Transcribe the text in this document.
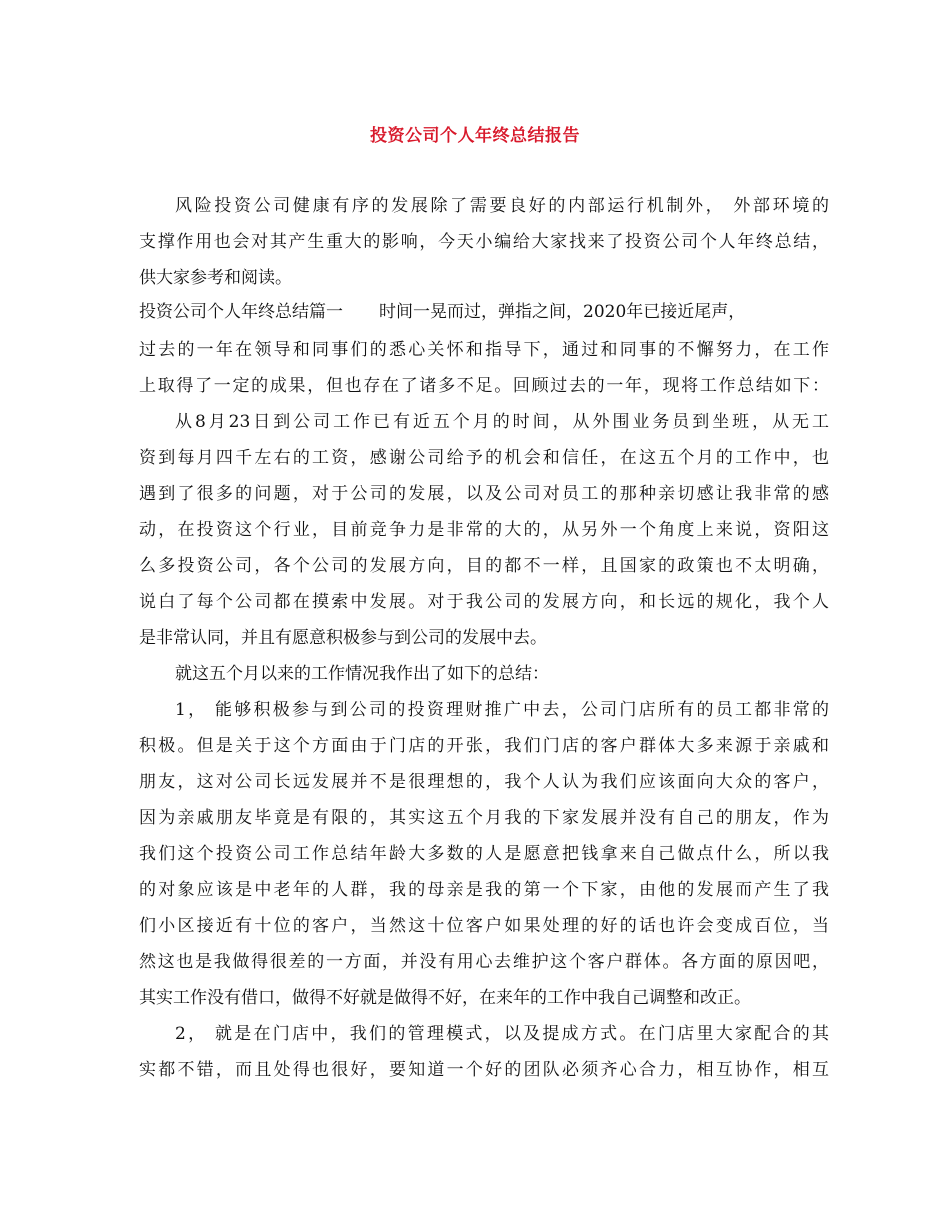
投资公司个人年终总结报告
风险投资公司健康有序的发展除了需要良好的内部运行机制外， 外部环境的
支撑作用也会对其产生重大的影响，今天小编给大家找来了投资公司个人年终总结，
供大家参考和阅读。
投资公司个人年终总结篇一 时间一晃而过，弹指之间，2020年已接近尾声，
过去的一年在领导和同事们的悉心关怀和指导下，通过和同事的不懈努力，在工作
上取得了一定的成果，但也存在了诸多不足。回顾过去的一年，现将工作总结如下：
从8月23日到公司工作已有近五个月的时间，从外围业务员到坐班，从无工
资到每月四千左右的工资，感谢公司给予的机会和信任，在这五个月的工作中，也
遇到了很多的问题，对于公司的发展，以及公司对员工的那种亲切感让我非常的感
动，在投资这个行业，目前竞争力是非常的大的，从另外一个角度上来说，资阳这
么多投资公司，各个公司的发展方向，目的都不一样，且国家的政策也不太明确，
说白了每个公司都在摸索中发展。对于我公司的发展方向，和长远的规化，我个人
是非常认同，并且有愿意积极参与到公司的发展中去。
就这五个月以来的工作情况我作出了如下的总结：
1， 能够积极参与到公司的投资理财推广中去，公司门店所有的员工都非常的
积极。但是关于这个方面由于门店的开张，我们门店的客户群体大多来源于亲戚和
朋友，这对公司长远发展并不是很理想的，我个人认为我们应该面向大众的客户，
因为亲戚朋友毕竟是有限的，其实这五个月我的下家发展并没有自己的朋友，作为
我们这个投资公司工作总结年龄大多数的人是愿意把钱拿来自己做点什么，所以我
的对象应该是中老年的人群，我的母亲是我的第一个下家，由他的发展而产生了我
们小区接近有十位的客户，当然这十位客户如果处理的好的话也许会变成百位，当
然这也是我做得很差的一方面，并没有用心去维护这个客户群体。各方面的原因吧，
其实工作没有借口，做得不好就是做得不好，在来年的工作中我自己调整和改正。
2， 就是在门店中，我们的管理模式，以及提成方式。在门店里大家配合的其
实都不错，而且处得也很好，要知道一个好的团队必须齐心合力，相互协作，相互
